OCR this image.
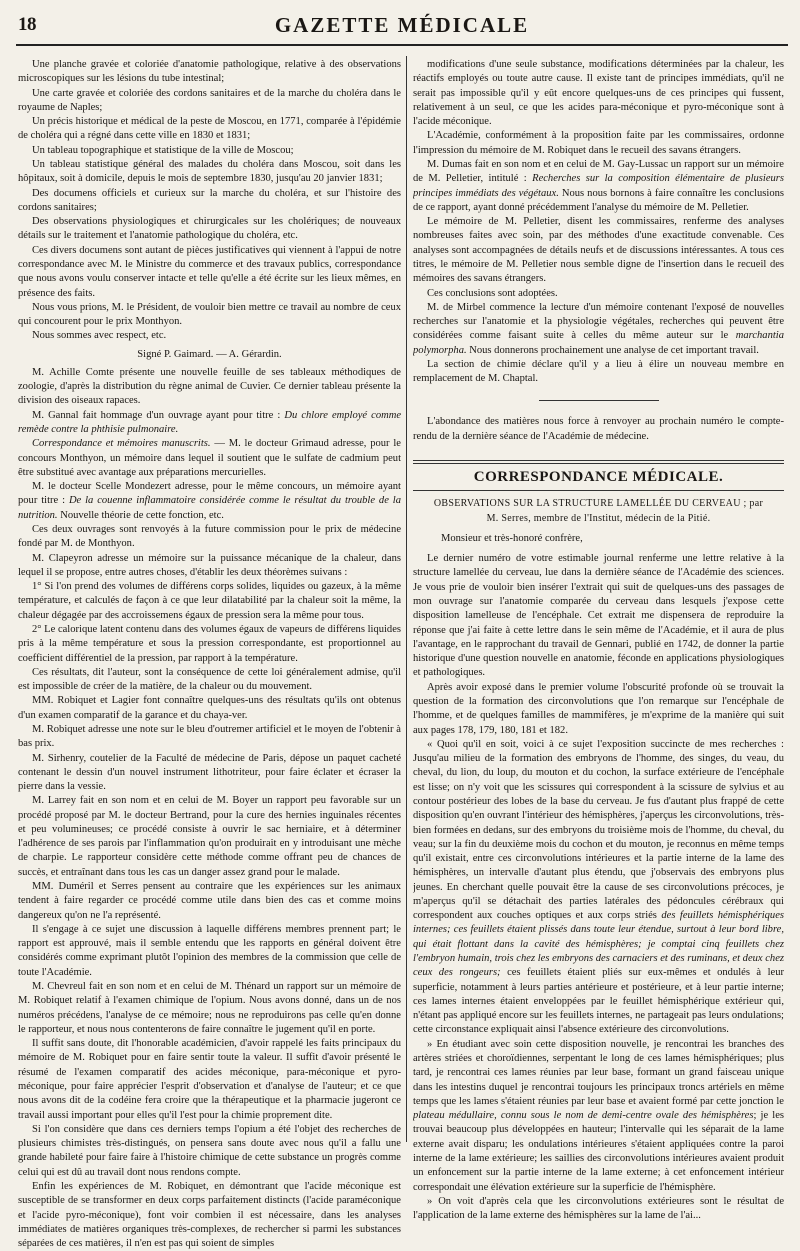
18	GAZETTE MÉDICALE

Une planche gravée et coloriée d'anatomie pathologique, relative à des observations microscopiques sur les lésions du tube intestinal;

Une carte gravée et coloriée des cordons sanitaires et de la marche du choléra dans le royaume de Naples;

Un précis historique et médical de la peste de Moscou, en 1771, comparée à l'épidémie de choléra qui a régné dans cette ville en 1830 et 1831;

Un tableau topographique et statistique de la ville de Moscou;

Un tableau statistique général des malades du choléra dans Moscou, soit dans les hôpitaux, soit à domicile, depuis le mois de septembre 1830, jusqu'au 20 janvier 1831;

Des documens officiels et curieux sur la marche du choléra, et sur l'histoire des cordons sanitaires;

Des observations physiologiques et chirurgicales sur les cholériques; de nouveaux détails sur le traitement et l'anatomie pathologique du choléra, etc.

Ces divers documens sont autant de pièces justificatives qui viennent à l'appui de notre correspondance avec M. le Ministre du commerce et des travaux publics, correspondance que nous avons voulu conserver intacte et telle qu'elle a été écrite sur les lieux mêmes, en présence des faits.

Nous vous prions, M. le Président, de vouloir bien mettre ce travail au nombre de ceux qui concourent pour le prix Monthyon.

Nous sommes avec respect, etc.

Signé P. Gaimard. — A. Gérardin.

M. Achille Comte présente une nouvelle feuille de ses tableaux méthodiques de zoologie, d'après la distribution du règne animal de Cuvier. Ce dernier tableau présente la division des oiseaux rapaces.

M. Gannal fait hommage d'un ouvrage ayant pour titre : Du chlore employé comme remède contre la phthisie pulmonaire.

Correspondance et mémoires manuscrits. — M. le docteur Grimaud adresse, pour le concours Monthyon, un mémoire dans lequel il soutient que le sulfate de cadmium peut être substitué avec avantage aux préparations mercurielles.

M. le docteur Scelle Mondezert adresse, pour le même concours, un mémoire ayant pour titre : De la couenne inflammatoire considérée comme le résultat du trouble de la nutrition. Nouvelle théorie de cette fonction, etc.

Ces deux ouvrages sont renvoyés à la future commission pour le prix de médecine fondé par M. de Monthyon.

M. Clapeyron adresse un mémoire sur la puissance mécanique de la chaleur, dans lequel il se propose, entre autres choses, d'établir les deux théorèmes suivans :

1° Si l'on prend des volumes de différens corps solides, liquides ou gazeux, à la même température, et calculés de façon à ce que leur dilatabilité par la chaleur soit la même, la chaleur dégagée par des accroissemens égaux de pression sera la même pour tous.

2° Le calorique latent contenu dans des volumes égaux de vapeurs de différens liquides pris à la même température et sous la pression correspondante, est proportionnel au coefficient différentiel de la pression, par rapport à la température.

Ces résultats, dit l'auteur, sont la conséquence de cette loi généralement admise, qu'il est impossible de créer de la matière, de la chaleur ou du mouvement.

MM. Robiquet et Lagier font connaître quelques-uns des résultats qu'ils ont obtenus d'un examen comparatif de la garance et du chaya-ver.

M. Robiquet adresse une note sur le bleu d'outremer artificiel et le moyen de l'obtenir à bas prix.

M. Sirhenry, coutelier de la Faculté de médecine de Paris, dépose un paquet cacheté contenant le dessin d'un nouvel instrument lithotriteur, pour faire éclater et écraser la pierre dans la vessie.

M. Larrey fait en son nom et en celui de M. Boyer un rapport peu favorable sur un procédé proposé par M. le docteur Bertrand, pour la cure des hernies inguinales récentes et peu volumineuses; ce procédé consiste à ouvrir le sac herniaire, et à déterminer l'adhérence de ses parois par l'inflammation qu'on produirait en y introduisant une mèche de charpie. Le rapporteur considère cette méthode comme offrant peu de chances de succès, et entraînant dans tous les cas un danger assez grand pour le malade.

MM. Duméril et Serres pensent au contraire que les expériences sur les animaux tendent à faire regarder ce procédé comme utile dans bien des cas et comme moins dangereux qu'on ne l'a représenté.

Il s'engage à ce sujet une discussion à laquelle différens membres prennent part; le rapport est approuvé, mais il semble entendu que les rapports en général doivent être considérés comme exprimant plutôt l'opinion des membres de la commission que celle de toute l'Académie.

M. Chevreul fait en son nom et en celui de M. Thénard un rapport sur un mémoire de M. Robiquet relatif à l'examen chimique de l'opium. Nous avons donné, dans un de nos numéros précédens, l'analyse de ce mémoire; nous ne reproduirons pas celle qu'en donne le rapporteur, et nous nous contenterons de faire connaître le jugement qu'il en porte.

Il suffit sans doute, dit l'honorable académicien, d'avoir rappelé les faits principaux du mémoire de M. Robiquet pour en faire sentir toute la valeur. Il suffit d'avoir présenté le résumé de l'examen comparatif des acides méconique, para-méconique et pyro-méconique, pour faire apprécier l'esprit d'observation et d'analyse de l'auteur; et ce que nous avons dit de la codéine fera croire que la thérapeutique et la pharmacie jugeront ce travail aussi important pour elles qu'il l'est pour la chimie proprement dite.

Si l'on considère que dans ces derniers temps l'opium a été l'objet des recherches de plusieurs chimistes très-distingués, on pensera sans doute avec nous qu'il a fallu une grande habileté pour faire faire à l'histoire chimique de cette substance un progrès comme celui qui est dû au travail dont nous rendons compte.

Enfin les expériences de M. Robiquet, en démontrant que l'acide méconique est susceptible de se transformer en deux corps parfaitement distincts (l'acide paraméconique et l'acide pyro-méconique), font voir combien il est nécessaire, dans les analyses immédiates de matières organiques très-complexes, de rechercher si parmi les substances séparées de ces matières, il n'en est pas qui soient de simples

modifications d'une seule substance, modifications déterminées par la chaleur, les réactifs employés ou toute autre cause. Il existe tant de principes immédiats, qu'il ne serait pas impossible qu'il y eût encore quelques-uns de ces principes qui fussent, relativement à un seul, ce que les acides para-méconique et pyro-méconique sont à l'acide méconique.

L'Académie, conformément à la proposition faite par les commissaires, ordonne l'impression du mémoire de M. Robiquet dans le recueil des savans étrangers.

M. Dumas fait en son nom et en celui de M. Gay-Lussac un rapport sur un mémoire de M. Pelletier, intitulé : Recherches sur la composition élémentaire de plusieurs principes immédiats des végétaux. Nous nous bornons à faire connaître les conclusions de ce rapport, ayant donné précédemment l'analyse du mémoire de M. Pelletier.

Le mémoire de M. Pelletier, disent les commissaires, renferme des analyses nombreuses faites avec soin, par des méthodes d'une exactitude convenable. Ces analyses sont accompagnées de détails neufs et de discussions intéressantes. A tous ces titres, le mémoire de M. Pelletier nous semble digne de l'insertion dans le recueil des mémoires des savans étrangers.

Ces conclusions sont adoptées.

M. de Mirbel commence la lecture d'un mémoire contenant l'exposé de nouvelles recherches sur l'anatomie et la physiologie végétales, recherches qui peuvent être considérées comme faisant suite à celles du même auteur sur le marchantia polymorpha. Nous donnerons prochainement une analyse de cet important travail.

La section de chimie déclare qu'il y a lieu à élire un nouveau membre en remplacement de M. Chaptal.

L'abondance des matières nous force à renvoyer au prochain numéro le compte-rendu de la dernière séance de l'Académie de médecine.

CORRESPONDANCE MÉDICALE.

OBSERVATIONS SUR LA STRUCTURE LAMELLÉE DU CERVEAU ; par

M. Serres, membre de l'Institut, médecin de la Pitié.

Monsieur et très-honoré confrère,

Le dernier numéro de votre estimable journal renferme une lettre relative à la structure lamellée du cerveau, lue dans la dernière séance de l'Académie des sciences. Je vous prie de vouloir bien insérer l'extrait qui suit de quelques-uns des passages de mon ouvrage sur l'anatomie comparée du cerveau dans lesquels j'expose cette disposition lamelleuse de l'encéphale. Cet extrait me dispensera de reproduire la réponse que j'ai faite à cette lettre dans le sein même de l'Académie, et il aura de plus l'avantage, en le rapprochant du travail de Gennari, publié en 1742, de donner la partie historique d'une question nouvelle en anatomie, féconde en applications physiologiques et pathologiques.

Après avoir exposé dans le premier volume l'obscurité profonde où se trouvait la question de la formation des circonvolutions que l'on remarque sur l'encéphale de l'homme, et de quelques familles de mammifères, je m'exprime de la manière qui suit aux pages 178, 179, 180, 181 et 182.

« Quoi qu'il en soit, voici à ce sujet l'exposition succincte de mes recherches : Jusqu'au milieu de la formation des embryons de l'homme, des singes, du veau, du cheval, du lion, du loup, du mouton et du cochon, la surface extérieure de l'encéphale est lisse; on n'y voit que les scissures qui correspondent à la scissure de sylvius et au contour postérieur des lobes de la base du cerveau. Je fus d'autant plus frappé de cette disposition qu'en ouvrant l'intérieur des hémisphères, j'aperçus les circonvolutions, très-bien formées en dedans, sur des embryons du troisième mois de l'homme, du cheval, du veau; sur la fin du deuxième mois du cochon et du mouton, je reconnus en même temps qu'il existait, entre ces circonvolutions intérieures et la partie interne de la lame des hémisphères, un intervalle d'autant plus étendu, que j'observais des embryons plus jeunes. En cherchant quelle pouvait être la cause de ses circonvolutions précoces, je m'aperçus qu'il se détachait des parties latérales des pédoncules cérébraux qui correspondent aux couches optiques et aux corps striés des feuillets hémisphériques internes; ces feuillets étaient plissés dans toute leur étendue, surtout à leur bord libre, qui était flottant dans la cavité des hémisphères; je comptai cinq feuillets chez l'embryon humain, trois chez les embryons des carnaciers et des ruminans, et deux chez ceux des rongeurs; ces feuillets étaient pliés sur eux-mêmes et ondulés à leur superficie, notamment à leurs parties antérieure et postérieure, et à leur partie interne; ces lames internes étaient enveloppées par le feuillet hémisphérique extérieur qui, n'étant pas appliqué encore sur les feuillets internes, ne partageait pas leurs ondulations; cette circonstance expliquait ainsi l'absence extérieure des circonvolutions.

» En étudiant avec soin cette disposition nouvelle, je rencontrai les branches des artères striées et choroïdiennes, serpentant le long de ces lames hémisphériques; plus tard, je rencontrai ces lames réunies par leur base, formant un grand faisceau unique dans les intestins duquel je rencontrai toujours les principaux troncs artériels en même temps que les lames s'étaient réunies par leur base et avaient formé par cette jonction le plateau médullaire, connu sous le nom de demi-centre ovale des hémisphères; je les trouvai beaucoup plus développées en hauteur; l'intervalle qui les séparait de la lame externe avait disparu; les ondulations intérieures s'étaient appliquées contre la paroi interne de la lame extérieure; les saillies des circonvolutions intérieures avaient produit un enfoncement sur la partie interne de la lame externe; à cet enfoncement intérieur correspondait une élévation extérieure sur la superficie de l'hémisphère.

» On voit d'après cela que les circonvolutions extérieures sont le résultat de l'application de la lame externe des hémisphères sur la lame de l'ai...
